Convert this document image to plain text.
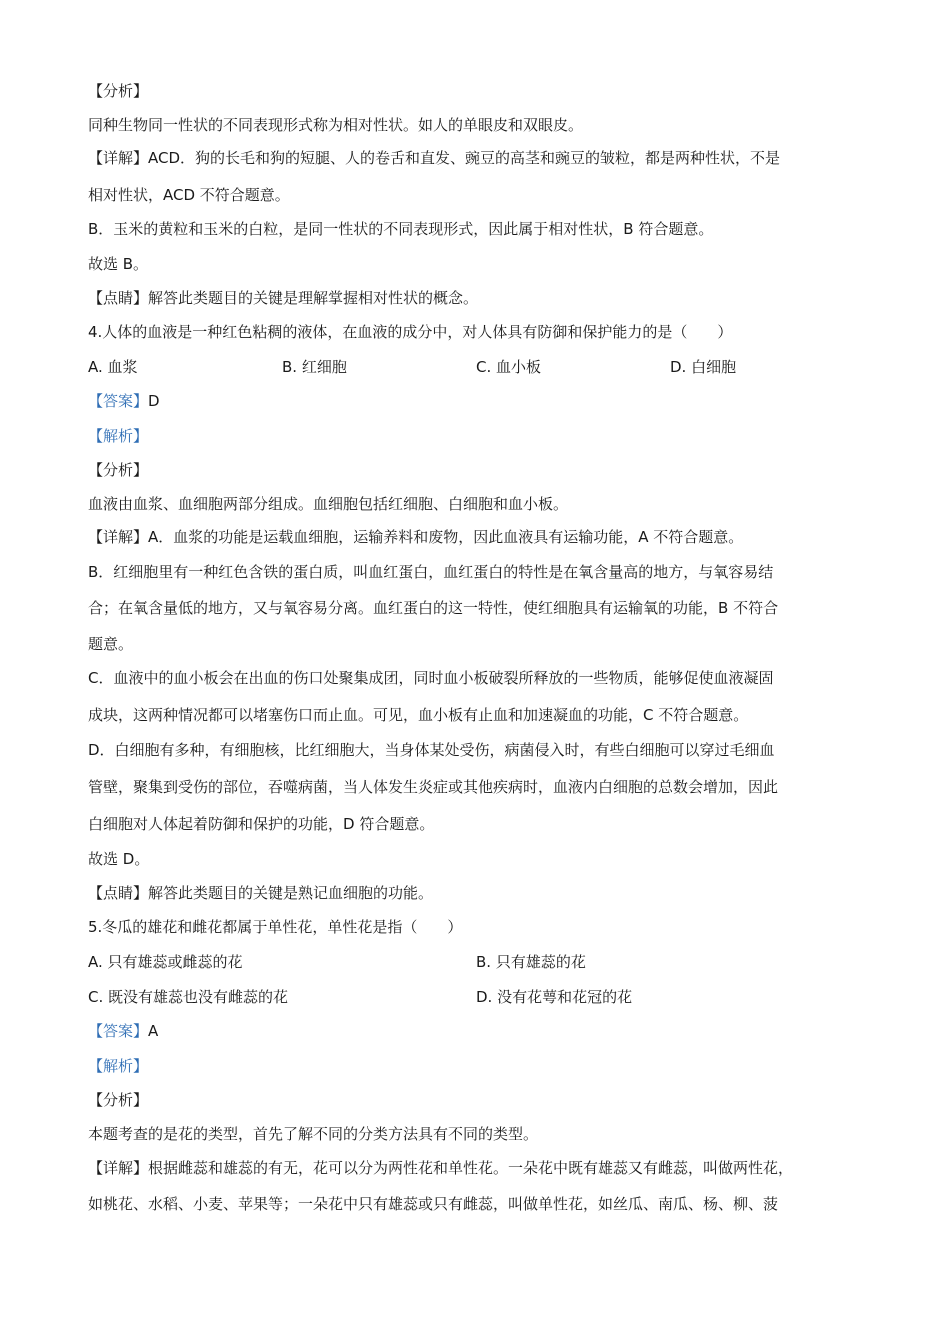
【分析】
同种生物同一性状的不同表现形式称为相对性状。如人的单眼皮和双眼皮。
【详解】ACD．狗的长毛和狗的短腿、人的卷舌和直发、豌豆的高茎和豌豆的皱粒，都是两种性状，不是
相对性状，ACD 不符合题意。
B．玉米的黄粒和玉米的白粒，是同一性状的不同表现形式，因此属于相对性状，B 符合题意。
故选 B。
【点睛】解答此类题目的关键是理解掌握相对性状的概念。
4.人体的血液是一种红色粘稠的液体，在血液的成分中，对人体具有防御和保护能力的是（　　）
A. 血浆	B. 红细胞	C. 血小板	D. 白细胞
【答案】D
【解析】
【分析】
血液由血浆、血细胞两部分组成。血细胞包括红细胞、白细胞和血小板。
【详解】A．血浆的功能是运载血细胞，运输养料和废物，因此血液具有运输功能，A 不符合题意。
B．红细胞里有一种红色含铁的蛋白质，叫血红蛋白，血红蛋白的特性是在氧含量高的地方，与氧容易结
合；在氧含量低的地方，又与氧容易分离。血红蛋白的这一特性，使红细胞具有运输氧的功能，B 不符合
题意。
C．血液中的血小板会在出血的伤口处聚集成团，同时血小板破裂所释放的一些物质，能够促使血液凝固
成块，这两种情况都可以堵塞伤口而止血。可见，血小板有止血和加速凝血的功能，C 不符合题意。
D．白细胞有多种，有细胞核，比红细胞大，当身体某处受伤，病菌侵入时，有些白细胞可以穿过毛细血
管壁，聚集到受伤的部位，吞噬病菌，当人体发生炎症或其他疾病时，血液内白细胞的总数会增加，因此
白细胞对人体起着防御和保护的功能，D 符合题意。
故选 D。
【点睛】解答此类题目的关键是熟记血细胞的功能。
5.冬瓜的雄花和雌花都属于单性花，单性花是指（　　）
A. 只有雄蕊或雌蕊的花	B. 只有雄蕊的花
C. 既没有雄蕊也没有雌蕊的花	D. 没有花萼和花冠的花
【答案】A
【解析】
【分析】
本题考查的是花的类型，首先了解不同的分类方法具有不同的类型。
【详解】根据雌蕊和雄蕊的有无，花可以分为两性花和单性花。一朵花中既有雄蕊又有雌蕊，叫做两性花，
如桃花、水稻、小麦、苹果等；一朵花中只有雄蕊或只有雌蕊，叫做单性花，如丝瓜、南瓜、杨、柳、菠
